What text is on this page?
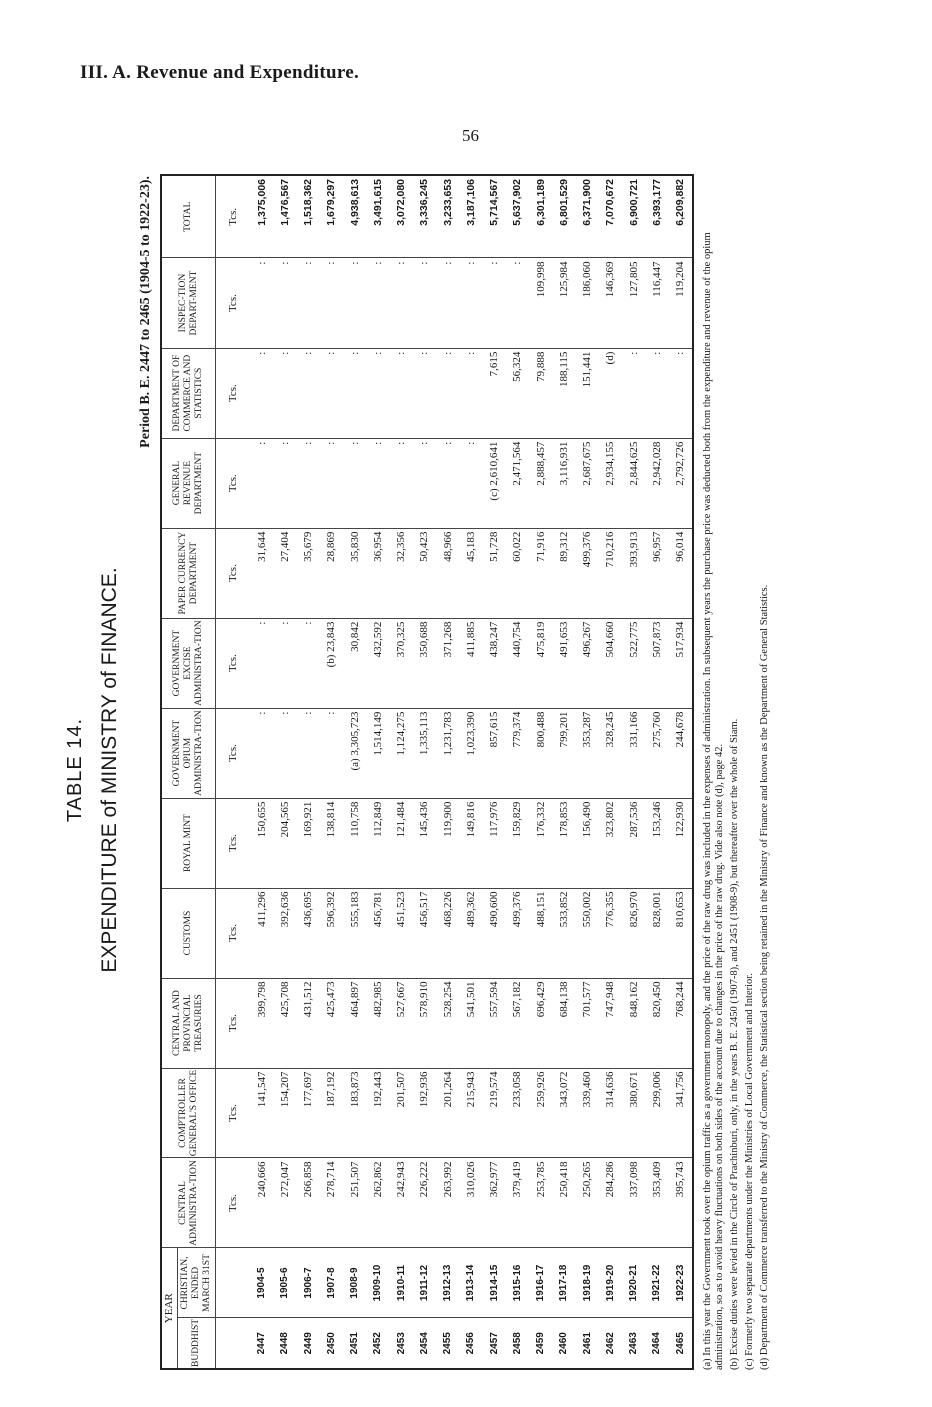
III. A. Revenue and Expenditure.
56
TABLE 14. EXPENDITURE of MINISTRY of FINANCE.
Period B. E. 2447 to 2465 (1904-5 to 1922-23).
YEAR		CENTRAL ADMINISTRA-TION	COMPTROLLER GENERAL'S OFFICE	CENTRAL AND PROVINCIAL TREASURIES	CUSTOMS	ROYAL MINT	GOVERNMENT OPIUM ADMINISTRA-TION	GOVERNMENT EXCISE ADMINISTRA-TION	PAPER CURRENCY DEPARTMENT	GENERAL REVENUE DEPARTMENT	DEPARTMENT OF COMMERCE AND STATISTICS	INSPEC-TION DEPART-MENT	TOTAL
BUDDHIST	CHRISTIAN, ENDED MARCH 31ST												
		Tcs.	Tcs.	Tcs.	Tcs.	Tcs.	Tcs.	Tcs.	Tcs.	Tcs.	Tcs.	Tcs.	Tcs.
2447	1904-5	240,666	141,547	399,798	411,296	150,655	:	:	31,644	:	:	:	1,375,006
2448	1905-6	272,047	154,207	425,708	392,636	204,565	:	:	27,404	:	:	:	1,476,567
2449	1906-7	266,858	177,697	431,512	436,695	169,921	:	:	35,679	:	:	:	1,518,362
2450	1907-8	278,714	187,192	425,473	596,392	138,814	:	(b) 23,843	28,869	:	:	:	1,679,297
2451	1908-9	251,507	183,873	464,897	555,183	110,758	(a) 3,305,723	30,842	35,830	:	:	:	4,938,613
2452	1909-10	262,862	192,443	482,985	456,781	112,849	1,514,149	432,592	36,954	:	:	:	3,491,615
2453	1910-11	242,943	201,507	527,667	451,523	121,484	1,124,275	370,325	32,356	:	:	:	3,072,080
2454	1911-12	226,222	192,936	578,910	456,517	145,436	1,335,113	350,688	50,423	:	:	:	3,336,245
2455	1912-13	263,992	201,264	528,254	468,226	119,900	1,231,783	371,268	48,966	:	:	:	3,233,653
2456	1913-14	310,026	215,943	541,501	489,362	149,816	1,023,390	411,885	45,183	:	:	:	3,187,106
2457	1914-15	362,977	219,574	557,594	490,600	117,976	857,615	438,247	51,728	(c) 2,610,641	7,615	:	5,714,567
2458	1915-16	379,419	233,058	567,182	499,376	159,829	779,374	440,754	60,022	2,471,564	56,324	:	5,637,902
2459	1916-17	253,785	259,926	696,429	488,151	176,332	800,488	475,819	71,916	2,888,457	79,888	109,998	6,301,189
2460	1917-18	250,418	343,072	684,138	533,852	178,853	799,201	491,653	89,312	3,116,931	188,115	125,984	6,801,529
2461	1918-19	250,265	339,460	701,577	550,002	156,490	353,287	496,267	499,376	2,687,675	151,441	186,060	6,371,900
2462	1919-20	284,286	314,636	747,948	776,355	323,802	328,245	504,660	710,216	2,934,155	(d)	146,369	7,070,672
2463	1920-21	337,098	380,671	848,162	826,970	287,536	331,166	522,775	393,913	2,844,625	:	127,805	6,900,721
2464	1921-22	353,409	299,006	820,450	828,001	153,246	275,760	507,873	96,957	2,942,028	:	116,447	6,393,177
2465	1922-23	395,743	341,756	768,244	810,653	122,930	244,678	517,934	96,014	2,792,726	:	119,204	6,209,882

(a) In this year the Government took over the opium traffic as a government monopoly, and the price of the raw drug was included in the expenses of administration. In subsequent years the purchase price was deducted both from the expenditure and revenue of the opium administration, so as to avoid heavy fluctuations on both sides of the account due to changes in the price of the raw drug. Vide also note (d), page 42. (b) Excise duties were levied in the Circle of Prachinburi, only, in the years B. E. 2450 (1907-8), and 2451 (1908-9), but thereafter over the whole of Siam. (c) Formerly two separate departments under the Ministries of Local Government and Interior. (d) Department of Commerce transferred to the Ministry of Commerce, the Statistical section being retained in the Ministry of Finance and known as the Department of General Statistics.
